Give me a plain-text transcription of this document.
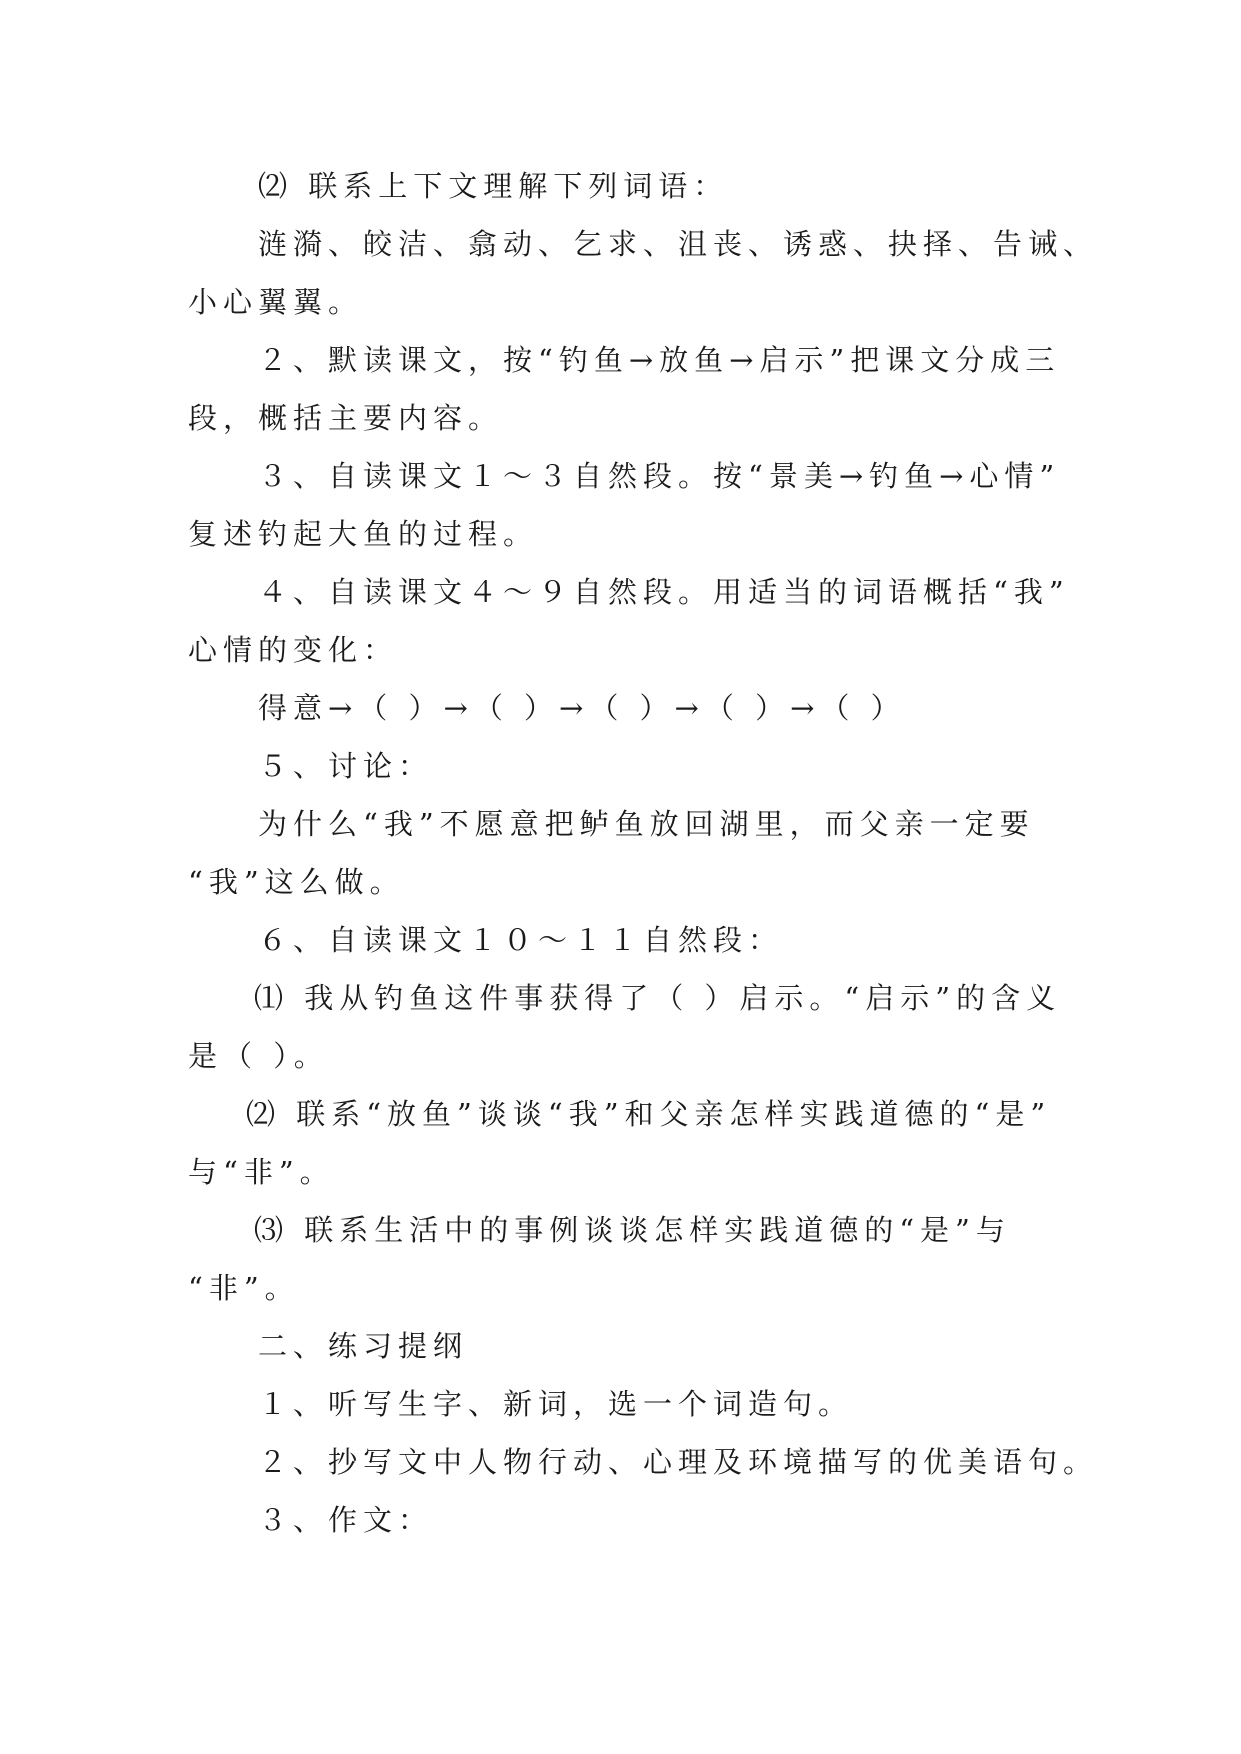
⑵ 联系上下文理解下列词语：
涟漪、皎洁、翕动、乞求、沮丧、诱惑、抉择、告诫、
小心翼翼。
２、默读课文，按“钓鱼→放鱼→启示”把课文分成三
段，概括主要内容。
３、自读课文１～３自然段。按“景美→钓鱼→心情”
复述钓起大鱼的过程。
４、自读课文４～９自然段。用适当的词语概括“我”
心情的变化：
得意→（ ）→（ ）→（ ）→（ ）→（ ）
５、讨论：
为什么“我”不愿意把鲈鱼放回湖里，而父亲一定要
“我”这么做。
６、自读课文１０～１１自然段：
⑴ 我从钓鱼这件事获得了（ ）启示。“启示”的含义
是（ ）。
⑵ 联系“放鱼”谈谈“我”和父亲怎样实践道德的“是”
与“非”。
⑶ 联系生活中的事例谈谈怎样实践道德的“是”与
“非”。
二、练习提纲
１、听写生字、新词，选一个词造句。
２、抄写文中人物行动、心理及环境描写的优美语句。
３、作文：
